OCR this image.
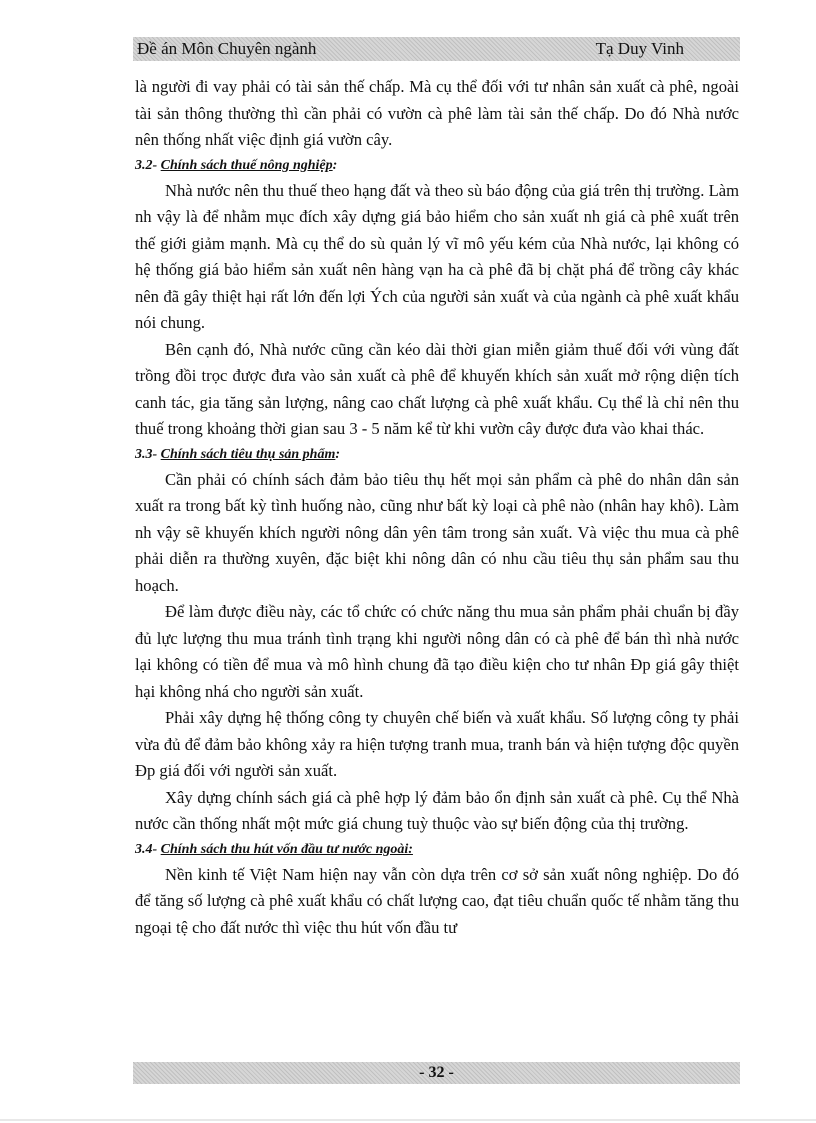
Đề án Môn Chuyên ngành	Tạ Duy Vinh

là người đi vay phải có tài sản thế chấp. Mà cụ thể đối với tư nhân sản xuất cà phê, ngoài tài sản thông thường thì cần phải có vườn cà phê làm tài sản thế chấp. Do đó Nhà nước nên thống nhất việc định giá vườn cây.

3.2- Chính sách thuế nông nghiệp:

Nhà nước nên thu thuế theo hạng đất và theo sù báo động của giá trên thị trường. Làm nh vậy là để nhằm mục đích xây dựng giá bảo hiểm cho sản xuất nh giá cà phê xuất trên thế giới giảm mạnh. Mà cụ thể do sù quản lý vĩ mô yếu kém của Nhà nước, lại không có hệ thống giá bảo hiểm sản xuất nên hàng vạn ha cà phê đã bị chặt phá để trồng cây khác nên đã gây thiệt hại rất lớn đến lợi Ých của người sản xuất và của ngành cà phê xuất khẩu nói chung.

Bên cạnh đó, Nhà nước cũng cần kéo dài thời gian miễn giảm thuế đối với vùng đất trồng đồi trọc được đưa vào sản xuất cà phê để khuyến khích sản xuất mở rộng diện tích canh tác, gia tăng sản lượng, nâng cao chất lượng cà phê xuất khẩu. Cụ thể là chỉ nên thu thuế trong khoảng thời gian sau 3 - 5 năm kể từ khi vườn cây được đưa vào khai thác.

3.3- Chính sách tiêu thụ sản phẩm:

Cần phải có chính sách đảm bảo tiêu thụ hết mọi sản phẩm cà phê do nhân dân sản xuất ra trong bất kỳ tình huống nào, cũng như bất kỳ loại cà phê nào (nhân hay khô). Làm nh vậy sẽ khuyến khích người nông dân yên tâm trong sản xuất. Và việc thu mua cà phê phải diễn ra thường xuyên, đặc biệt khi nông dân có nhu cầu tiêu thụ sản phẩm sau thu hoạch.

Để làm được điều này, các tổ chức có chức năng thu mua sản phẩm phải chuẩn bị đầy đủ lực lượng thu mua tránh tình trạng khi người nông dân có cà phê để bán thì nhà nước lại không có tiền để mua và mô hình chung đã tạo điều kiện cho tư nhân Ðp giá gây thiệt hại không nhá cho người sản xuất.

Phải xây dựng hệ thống công ty chuyên chế biến và xuất khẩu. Số lượng công ty phải vừa đủ để đảm bảo không xảy ra hiện tượng tranh mua, tranh bán và hiện tượng độc quyền Ðp giá đối với người sản xuất.

Xây dựng chính sách giá cà phê hợp lý đảm bảo ổn định sản xuất cà phê. Cụ thể Nhà nước cần thống nhất một mức giá chung tuỳ thuộc vào sự biến động của thị trường.

3.4- Chính sách thu hút vốn đầu tư nước ngoài:

Nền kinh tế Việt Nam hiện nay vẫn còn dựa trên cơ sở sản xuất nông nghiệp. Do đó để tăng số lượng cà phê xuất khẩu có chất lượng cao, đạt tiêu chuẩn quốc tế nhằm tăng thu ngoại tệ cho đất nước thì việc thu hút vốn đầu tư

- 32 -
